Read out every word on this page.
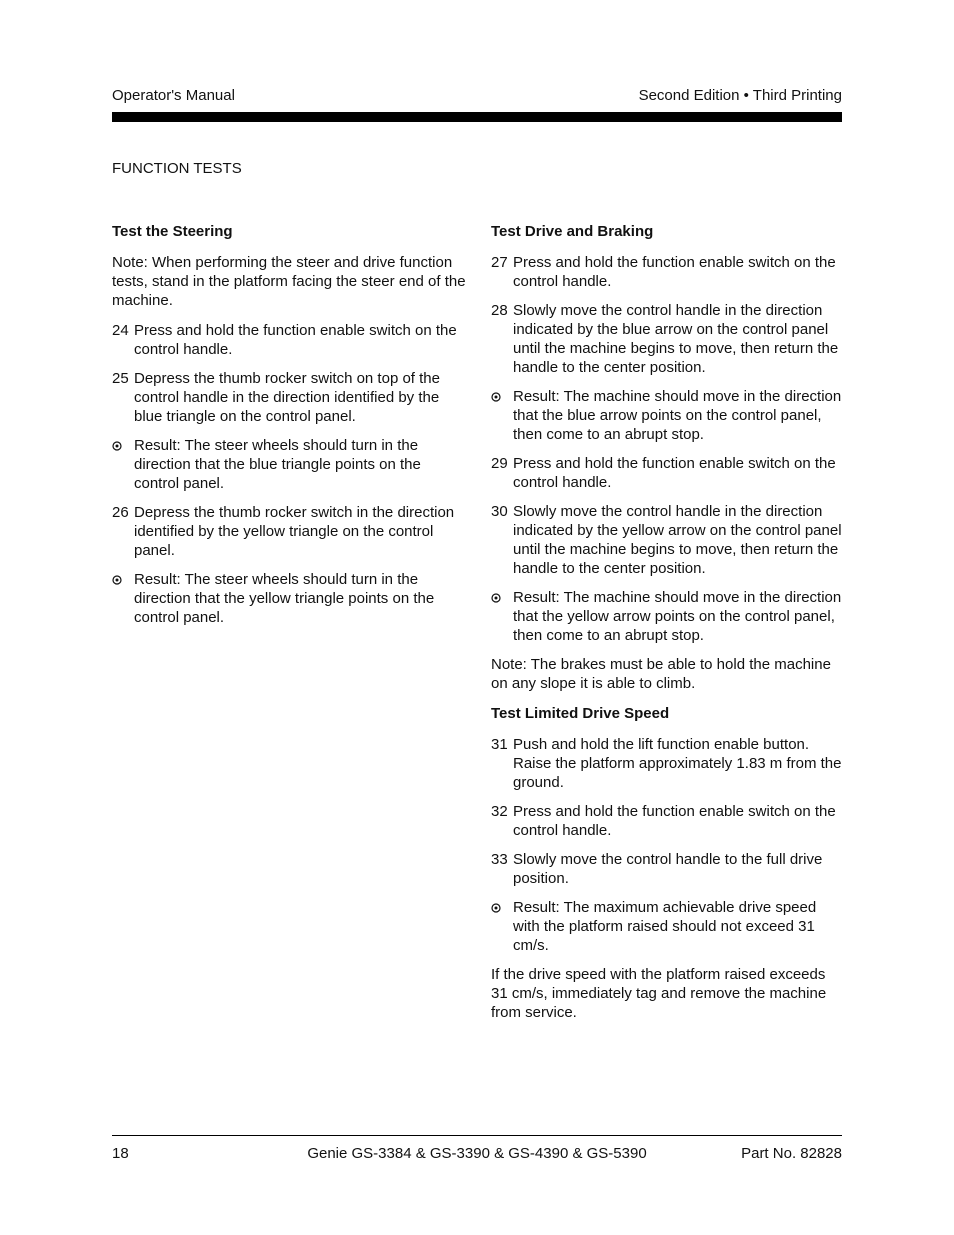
Operator's Manual	Second Edition • Third Printing
FUNCTION TESTS
Test the Steering
Note: When performing the steer and drive function tests, stand in the platform facing the steer end of the machine.
24 Press and hold the function enable switch on the control handle.
25 Depress the thumb rocker switch on top of the control handle in the direction identified by the blue triangle on the control panel.
Result: The steer wheels should turn in the direction that the blue triangle points on the control panel.
26 Depress the thumb rocker switch in the direction identified by the yellow triangle on the control panel.
Result: The steer wheels should turn in the direction that the yellow triangle points on the control panel.
Test Drive and Braking
27 Press and hold the function enable switch on the control handle.
28 Slowly move the control handle in the direction indicated by the blue arrow on the control panel until the machine begins to move, then return the handle to the center position.
Result: The machine should move in the direction that the blue arrow points on the control panel, then come to an abrupt stop.
29 Press and hold the function enable switch on the control handle.
30 Slowly move the control handle in the direction indicated by the yellow arrow on the control panel until the machine begins to move, then return the handle to the center position.
Result: The machine should move in the direction that the yellow arrow points on the control panel, then come to an abrupt stop.
Note: The brakes must be able to hold the machine on any slope it is able to climb.
Test Limited Drive Speed
31 Push and hold the lift function enable button. Raise the platform approximately 1.83 m from the ground.
32 Press and hold the function enable switch on the control handle.
33 Slowly move the control handle to the full drive position.
Result: The maximum achievable drive speed with the platform raised should not exceed 31 cm/s.
If the drive speed with the platform raised exceeds 31 cm/s, immediately tag and remove the machine from service.
18	Genie GS-3384 & GS-3390 & GS-4390 & GS-5390	Part No. 82828
